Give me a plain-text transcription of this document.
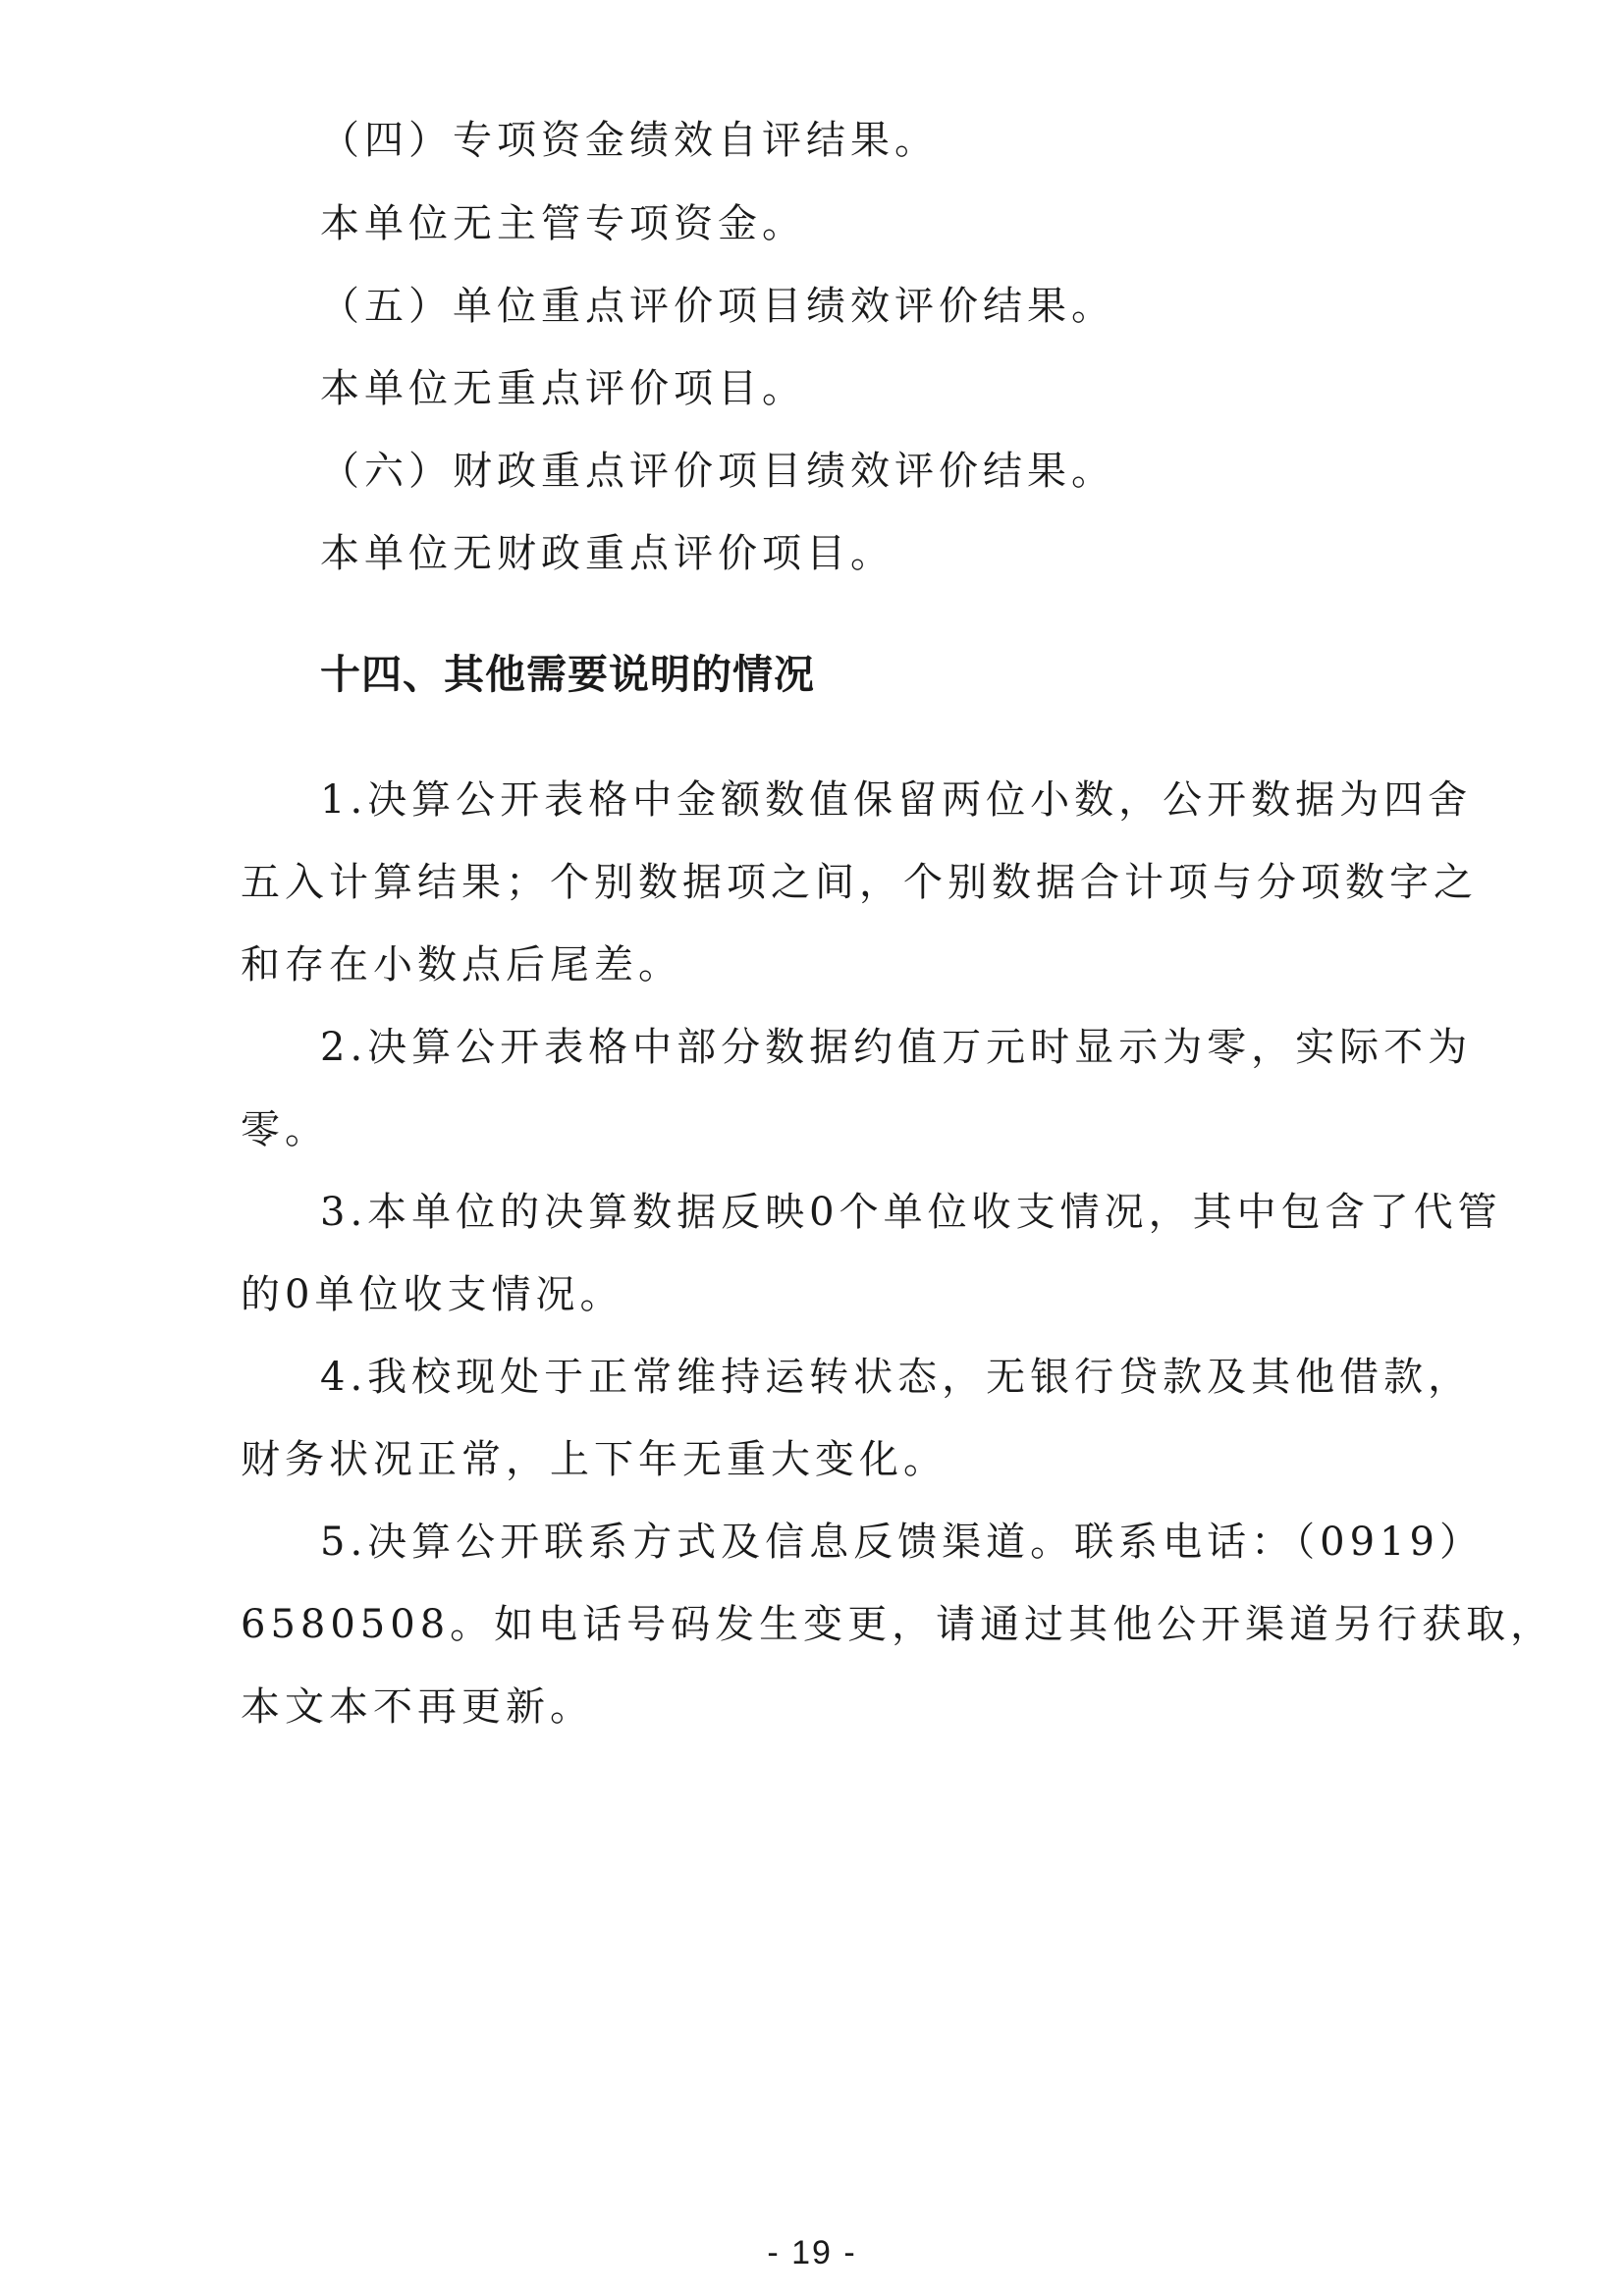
（四）专项资金绩效自评结果。
本单位无主管专项资金。
（五）单位重点评价项目绩效评价结果。
本单位无重点评价项目。
（六）财政重点评价项目绩效评价结果。
本单位无财政重点评价项目。
十四、其他需要说明的情况
1.决算公开表格中金额数值保留两位小数，公开数据为四舍
五入计算结果；个别数据项之间，个别数据合计项与分项数字之
和存在小数点后尾差。
2.决算公开表格中部分数据约值万元时显示为零，实际不为
零。
3.本单位的决算数据反映0个单位收支情况，其中包含了代管
的0单位收支情况。
4.我校现处于正常维持运转状态，无银行贷款及其他借款，
财务状况正常，上下年无重大变化。
5.决算公开联系方式及信息反馈渠道。联系电话：（0919）
6580508。如电话号码发生变更，请通过其他公开渠道另行获取，
本文本不再更新。
- 19 -
